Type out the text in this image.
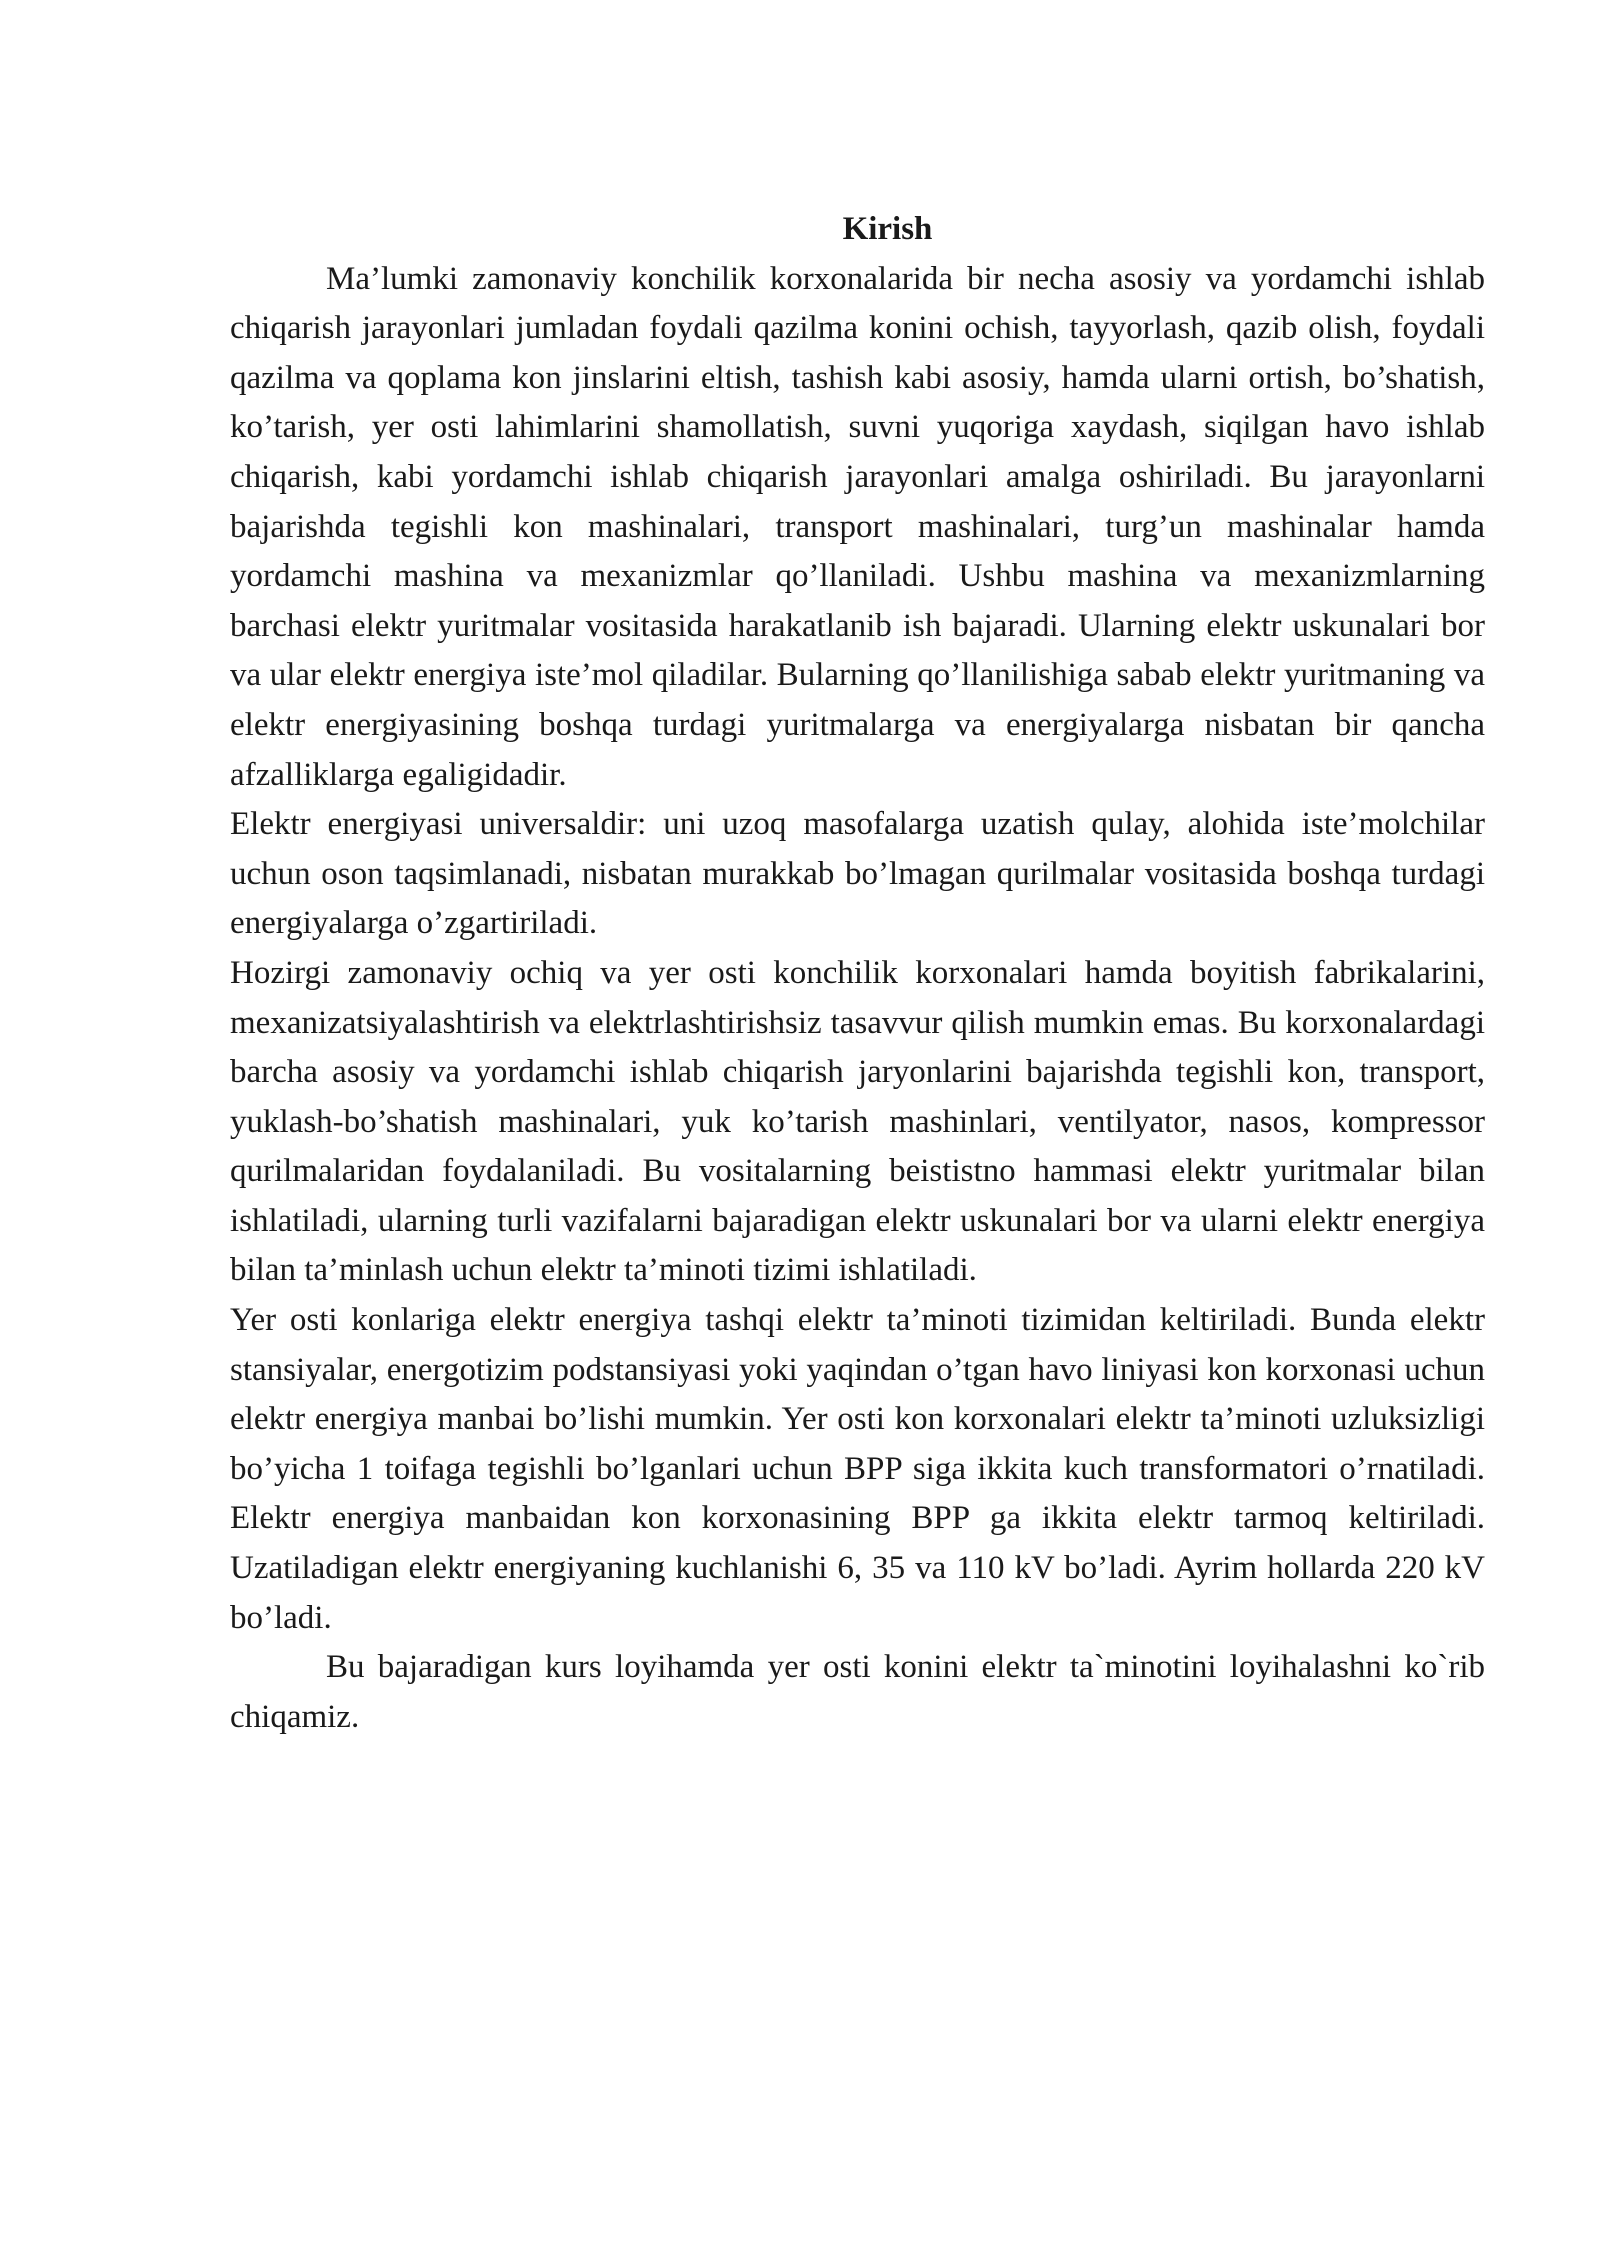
Kirish

Ma’lumki zamonaviy konchilik korxonalarida bir necha asosiy va yordamchi ishlab chiqarish jarayonlari jumladan foydali qazilma konini ochish, tayyorlash, qazib olish, foydali qazilma va qoplama kon jinslarini eltish, tashish kabi asosiy, hamda ularni ortish, bo’shatish, ko’tarish, yer osti lahimlarini shamollatish, suvni yuqoriga xaydash, siqilgan havo ishlab chiqarish, kabi yordamchi ishlab chiqarish jarayonlari amalga oshiriladi. Bu jarayonlarni bajarishda tegishli kon mashinalari, transport mashinalari, turg’un mashinalar hamda yordamchi mashina va mexanizmlar qo’llaniladi. Ushbu mashina va mexanizmlarning barchasi elektr yuritmalar vositasida harakatlanib ish bajaradi. Ularning elektr uskunalari bor va ular elektr energiya iste’mol qiladilar. Bularning qo’llanilishiga sabab elektr yuritmaning va elektr energiyasining boshqa turdagi yuritmalarga va energiyalarga nisbatan bir qancha afzalliklarga egaligidadir.

Elektr energiyasi universaldir: uni uzoq masofalarga uzatish qulay, alohida iste’molchilar uchun oson taqsimlanadi, nisbatan murakkab bo’lmagan qurilmalar vositasida boshqa turdagi energiyalarga o’zgartiriladi.

Hozirgi zamonaviy ochiq va yer osti konchilik korxonalari hamda boyitish fabrikalarini, mexanizatsiyalashtirish va elektrlashtirishsiz tasavvur qilish mumkin emas. Bu korxonalardagi barcha asosiy va yordamchi ishlab chiqarish jaryonlarini bajarishda tegishli kon, transport, yuklash-bo’shatish mashinalari, yuk ko’tarish mashinlari, ventilyator, nasos, kompressor qurilmalaridan foydalaniladi. Bu vositalarning beististno hammasi elektr yuritmalar bilan ishlatiladi, ularning turli vazifalarni bajaradigan elektr uskunalari bor va ularni elektr energiya bilan ta’minlash uchun elektr ta’minoti tizimi ishlatiladi.

Yer osti konlariga elektr energiya tashqi elektr ta’minoti tizimidan keltiriladi. Bunda elektr stansiyalar, energotizim podstansiyasi yoki yaqindan o’tgan havo liniyasi kon korxonasi uchun elektr energiya manbai bo’lishi mumkin. Yer osti kon korxonalari elektr ta’minoti uzluksizligi bo’yicha 1 toifaga tegishli bo’lganlari uchun BPP siga ikkita kuch transformatori o’rnatiladi. Elektr energiya manbaidan kon korxonasining BPP ga ikkita elektr tarmoq keltiriladi. Uzatiladigan elektr energiyaning kuchlanishi 6, 35 va 110 kV bo’ladi. Ayrim hollarda 220 kV bo’ladi.

Bu bajaradigan kurs loyihamda yer osti konini elektr ta`minotini loyihalashni ko`rib chiqamiz.
